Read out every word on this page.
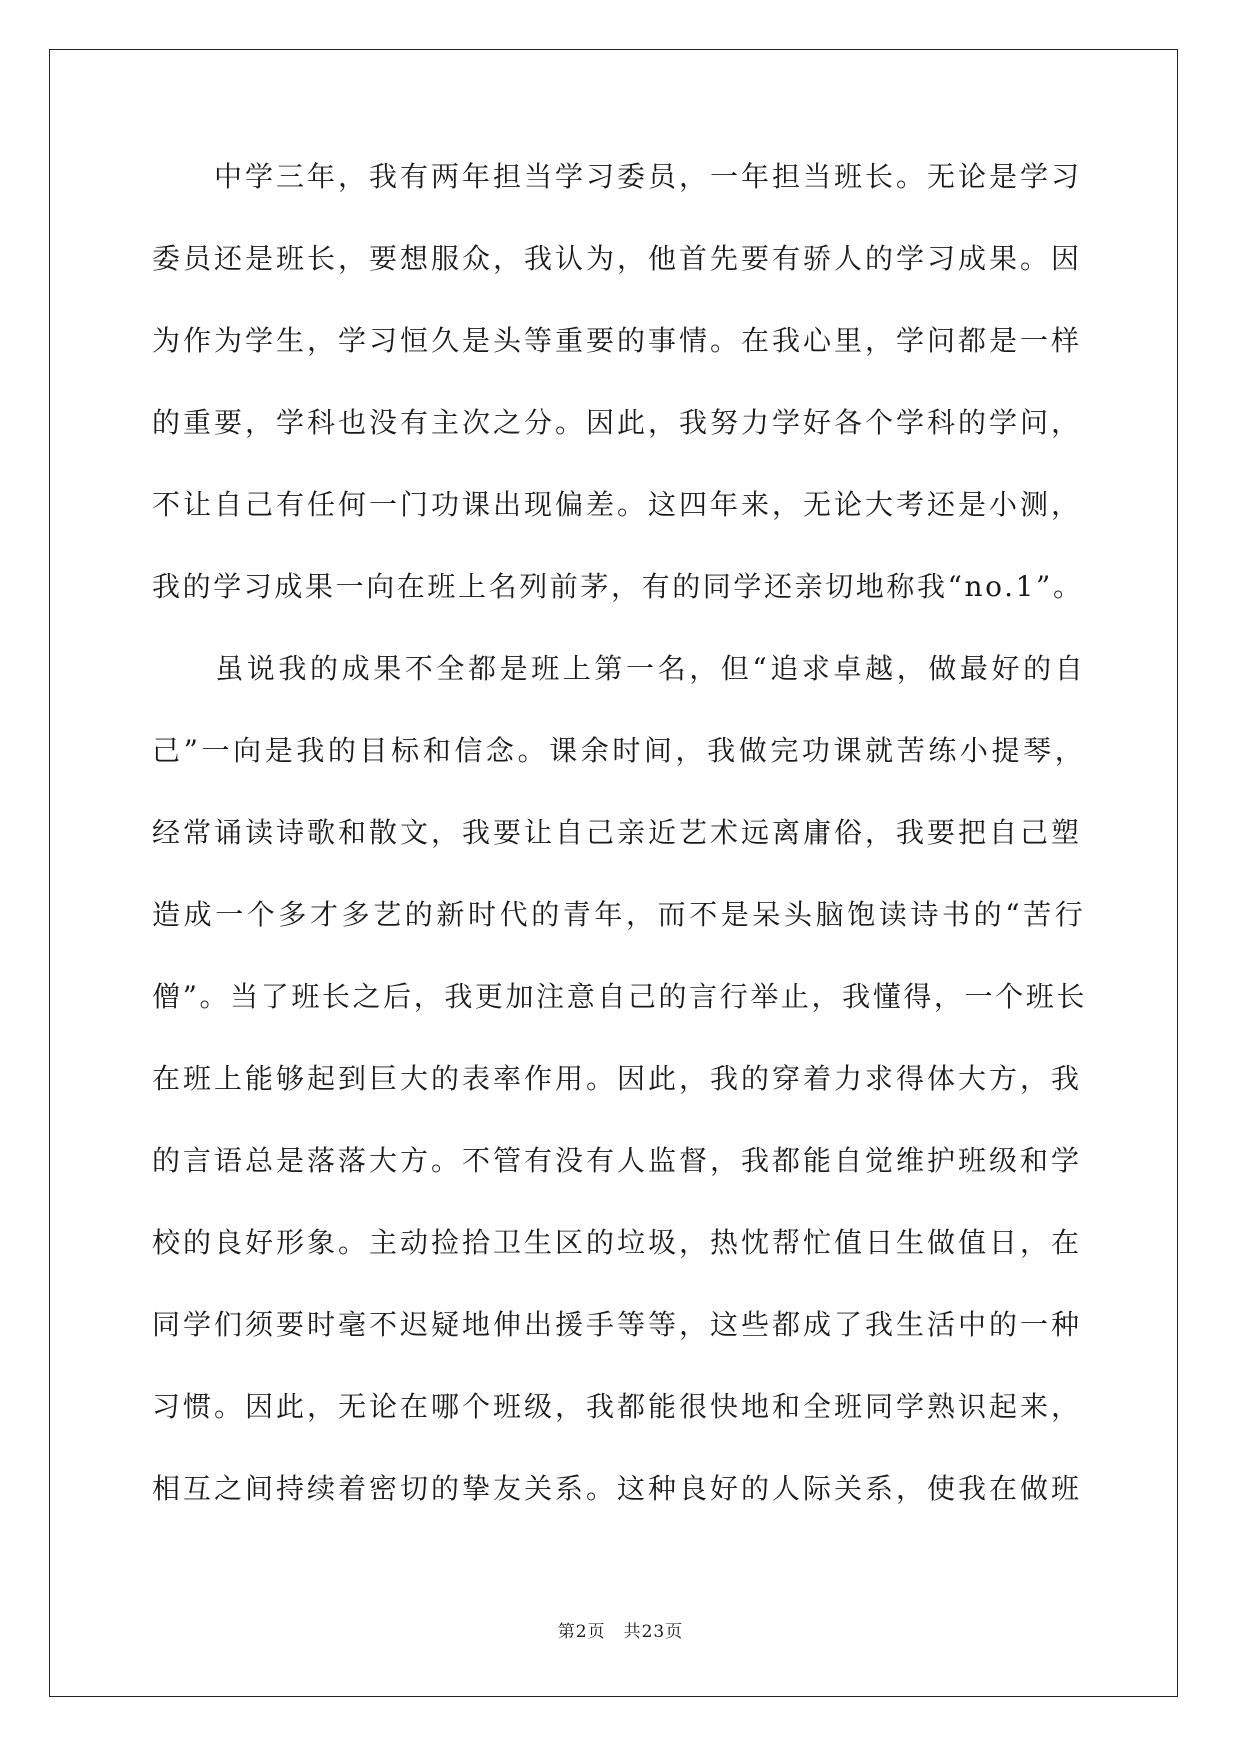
　　中学三年，我有两年担当学习委员，一年担当班长。无论是学习
委员还是班长，要想服众，我认为，他首先要有骄人的学习成果。因
为作为学生，学习恒久是头等重要的事情。在我心里，学问都是一样
的重要，学科也没有主次之分。因此，我努力学好各个学科的学问，
不让自己有任何一门功课出现偏差。这四年来，无论大考还是小测，
我的学习成果一向在班上名列前茅，有的同学还亲切地称我“no.1”。
　　虽说我的成果不全都是班上第一名，但“追求卓越，做最好的自
己”一向是我的目标和信念。课余时间，我做完功课就苦练小提琴，
经常诵读诗歌和散文，我要让自己亲近艺术远离庸俗，我要把自己塑
造成一个多才多艺的新时代的青年，而不是呆头脑饱读诗书的“苦行
僧”。当了班长之后，我更加注意自己的言行举止，我懂得，一个班长
在班上能够起到巨大的表率作用。因此，我的穿着力求得体大方，我
的言语总是落落大方。不管有没有人监督，我都能自觉维护班级和学
校的良好形象。主动捡拾卫生区的垃圾，热忱帮忙值日生做值日，在
同学们须要时毫不迟疑地伸出援手等等，这些都成了我生活中的一种
习惯。因此，无论在哪个班级，我都能很快地和全班同学熟识起来，
相互之间持续着密切的挚友关系。这种良好的人际关系，使我在做班
第2页　共23页
